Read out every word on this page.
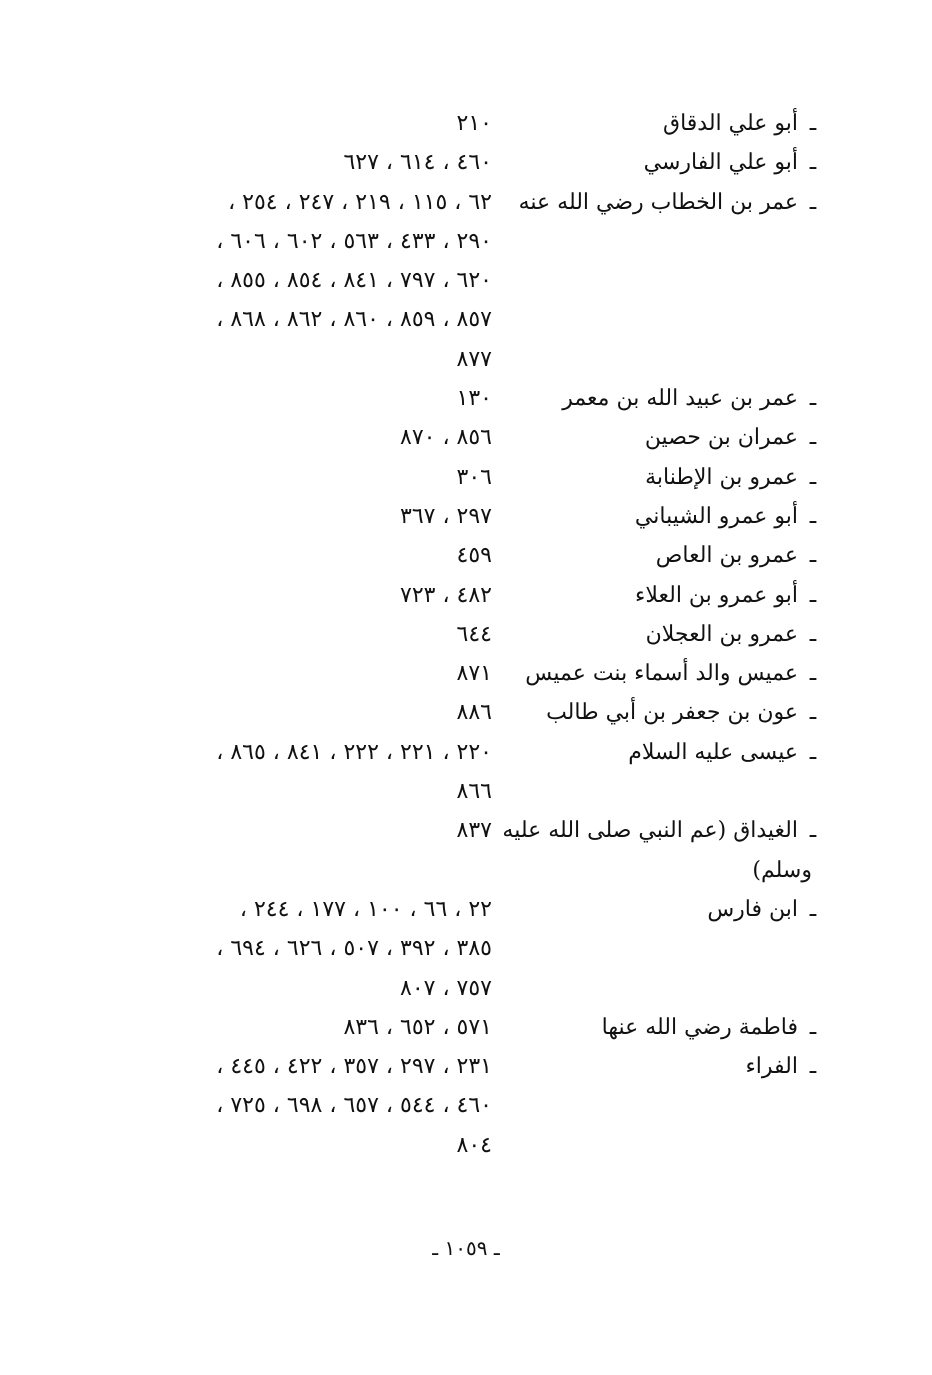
ـ
أبو علي الدقاق
٢١٠
ـ
أبو علي الفارسي
٤٦٠ ، ٦١٤ ، ٦٢٧
ـ
عمر بن الخطاب رضي الله عنه
٦٢ ، ١١٥ ، ٢١٩ ، ٢٤٧ ، ٢٥٤ ،
٢٩٠ ، ٤٣٣ ، ٥٦٣ ، ٦٠٢ ، ٦٠٦ ،
٦٢٠ ، ٧٩٧ ، ٨٤١ ، ٨٥٤ ، ٨٥٥ ،
٨٥٧ ، ٨٥٩ ، ٨٦٠ ، ٨٦٢ ، ٨٦٨ ،
٨٧٧
ـ
عمر بن عبيد الله بن معمر
١٣٠
ـ
عمران بن حصين
٨٥٦ ، ٨٧٠
ـ
عمرو بن الإطنابة
٣٠٦
ـ
أبو عمرو الشيباني
٢٩٧ ، ٣٦٧
ـ
عمرو بن العاص
٤٥٩
ـ
أبو عمرو بن العلاء
٤٨٢ ، ٧٢٣
ـ
عمرو بن العجلان
٦٤٤
ـ
عميس والد أسماء بنت عميس
٨٧١
ـ
عون بن جعفر بن أبي طالب
٨٨٦
ـ
عيسى عليه السلام
٢٢٠ ، ٢٢١ ، ٢٢٢ ، ٨٤١ ، ٨٦٥ ،
٨٦٦
ـ
الغيداق (عم النبي صلى الله عليه
٨٣٧
وسلم)
ـ
ابن فارس
٢٢ ، ٦٦ ، ١٠٠ ، ١٧٧ ، ٢٤٤ ،
٣٨٥ ، ٣٩٢ ، ٥٠٧ ، ٦٢٦ ، ٦٩٤ ،
٧٥٧ ، ٨٠٧
ـ
فاطمة رضي الله عنها
٥٧١ ، ٦٥٢ ، ٨٣٦
ـ
الفراء
٢٣١ ، ٢٩٧ ، ٣٥٧ ، ٤٢٢ ، ٤٤٥ ،
٤٦٠ ، ٥٤٤ ، ٦٥٧ ، ٦٩٨ ، ٧٢٥ ،
٨٠٤
ـ ١٠٥٩ ـ
